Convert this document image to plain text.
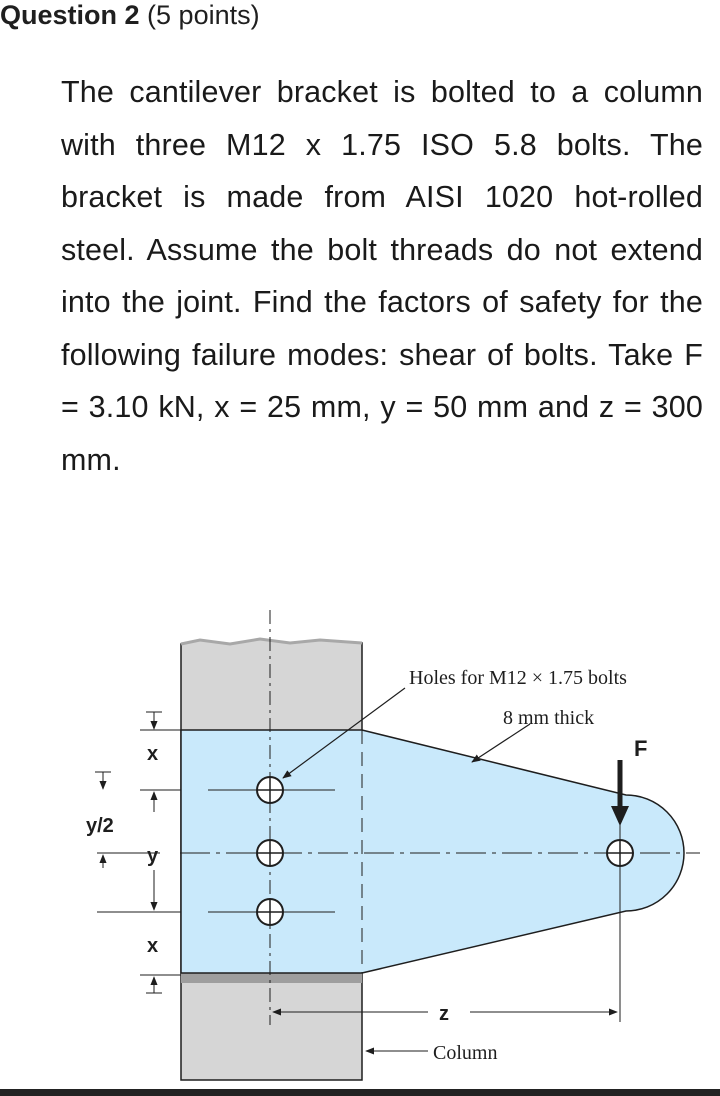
Question 2 (5 points)
The cantilever bracket is bolted to a column with three M12 x 1.75 ISO 5.8 bolts. The bracket is made from AISI 1020 hot-rolled steel. Assume the bolt threads do not extend into the joint. Find the factors of safety for the following failure modes: shear of bolts. Take F = 3.10 kN, x = 25 mm, y = 50 mm and z = 300 mm.
F
Holes for M12 × 1.75 bolts
8 mm thick
x
y
x
y/2
z
Column
